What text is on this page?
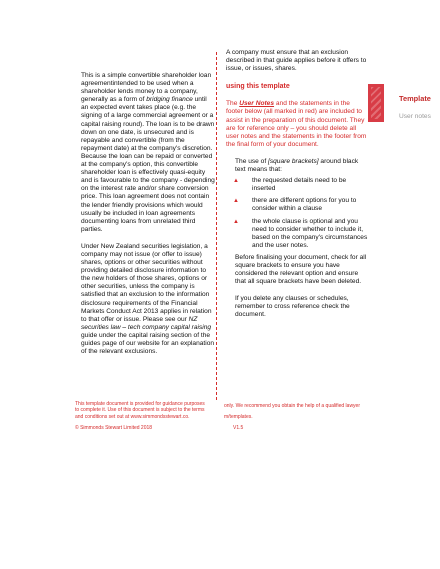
This is a simple convertible shareholder loan agreementintended to be used when a shareholder lends money to a company, generally as a form of bridging finance until an expected event takes place (e.g. the signing of a large commercial agreement or a capital raising round). The loan is to be drawn down on one date, is unsecured and is repayable and convertible (from the repayment date) at the company's discretion. Because the loan can be repaid or converted at the company's option, this convertible shareholder loan is effectively quasi-equity and is favourable to the company - depending on the interest rate and/or share conversion price. This loan agreement does not contain the lender friendly provisions which would usually be included in loan agreements documenting loans from unrelated third parties.

Under New Zealand securities legislation, a company may not issue (or offer to issue) shares, options or other securities without providing detailed disclosure information to the new holders of those shares, options or other securities, unless the company is satisfied that an exclusion to the information disclosure requirements of the Financial Markets Conduct Act 2013 applies in relation to that offer or issue. Please see our NZ securities law – tech company capital raising guide under the capital raising section of the guides page of our website for an explanation of the relevant exclusions.

A company must ensure that an exclusion described in that guide applies before it offers to issue, or issues, shares.

using this template

The User Notes and the statements in the footer below (all marked in red) are included to assist in the preparation of this document. They are for reference only – you should delete all user notes and the statements in the footer from the final form of your document.

The use of [square brackets] around black text means that:

▲ the requested details need to be inserted
▲ there are different options for you to consider within a clause
▲ the whole clause is optional and you need to consider whether to include it, based on the company's circumstances and the user notes.

Before finalising your document, check for all square brackets to ensure you have considered the relevant option and ensure that all square brackets have been deleted.

If you delete any clauses or schedules, remember to cross reference check the document.

Template
User notes
This template document is provided for guidance purposes to complete it. Use of this document is subject to the terms and conditions set out at www.simmondsstewart.co.
only. We recommend you obtain the help of a qualified lawyer
m/templates.
© Simmonds Stewart Limited 2018	V1.5
